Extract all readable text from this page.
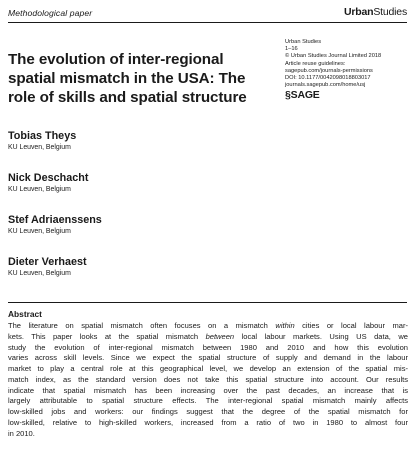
Methodological paper	UrbanStudies
The evolution of inter-regional
spatial mismatch in the USA: The
role of skills and spatial structure
Urban Studies
1–16
© Urban Studies Journal Limited 2018
Article reuse guidelines:
sagepub.com/journals-permissions
DOI: 10.1177/0042098018803017
journals.sagepub.com/home/usj
§SAGE
Tobias Theys
KU Leuven, Belgium
Nick Deschacht
KU Leuven, Belgium
Stef Adriaenssens
KU Leuven, Belgium
Dieter Verhaest
KU Leuven, Belgium
Abstract
The literature on spatial mismatch often focuses on a mismatch within cities or local labour mar-
kets. This paper looks at the spatial mismatch between local labour markets. Using US data, we
study the evolution of inter-regional mismatch between 1980 and 2010 and how this evolution
varies across skill levels. Since we expect the spatial structure of supply and demand in the labour
market to play a central role at this geographical level, we develop an extension of the spatial mis-
match index, as the standard version does not take this spatial structure into account. Our results
indicate that spatial mismatch has been increasing over the past decades, an increase that is
largely attributable to spatial structure effects. The inter-regional spatial mismatch mainly affects
low-skilled jobs and workers: our findings suggest that the degree of the spatial mismatch for
low-skilled, relative to high-skilled workers, increased from a ratio of two in 1980 to almost four
in 2010.
